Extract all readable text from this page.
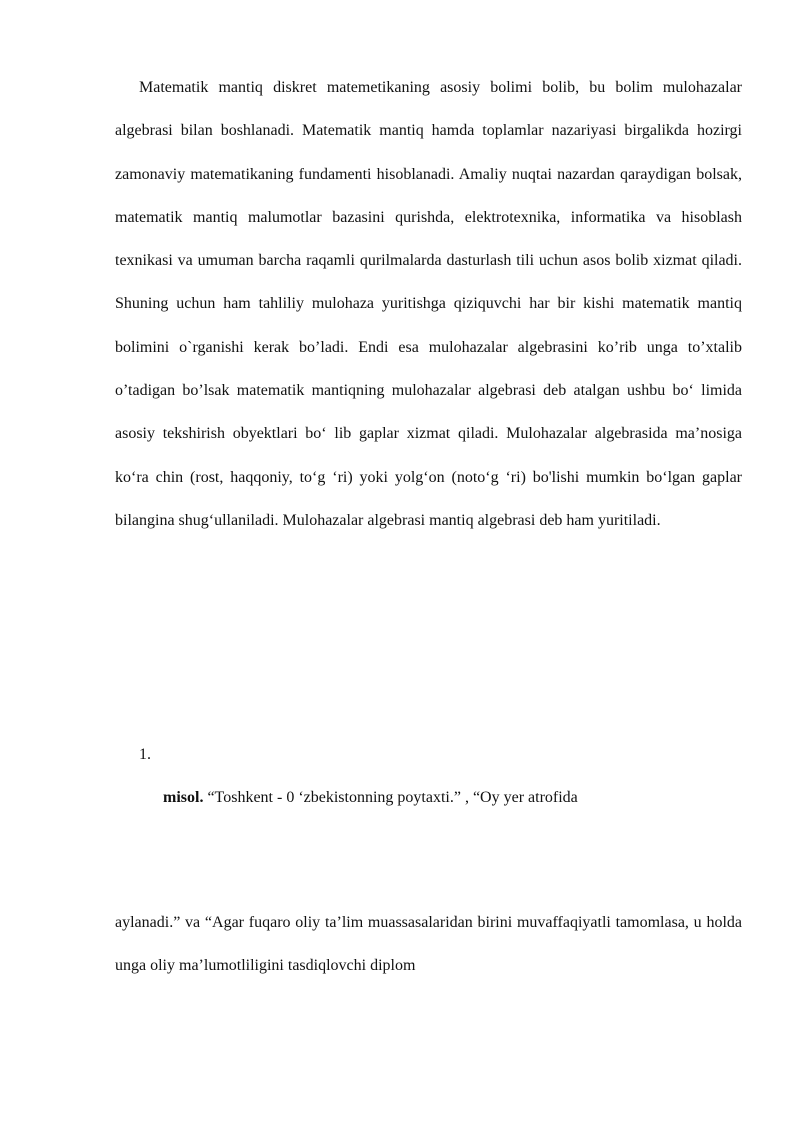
Matematik mantiq diskret matemetikaning asosiy bolimi bolib, bu bolim mulohazalar algebrasi bilan boshlanadi. Matematik mantiq hamda toplamlar nazariyasi birgalikda hozirgi zamonaviy matematikaning fundamenti hisoblanadi. Amaliy nuqtai nazardan qaraydigan bolsak, matematik mantiq malumotlar bazasini qurishda, elektrotexnika, informatika va hisoblash texnikasi va umuman barcha raqamli qurilmalarda dasturlash tili uchun asos bolib xizmat qiladi. Shuning uchun ham tahliliy mulohaza yuritishga qiziquvchi har bir kishi matematik mantiq bolimini o`rganishi kerak bo’ladi. Endi esa mulohazalar algebrasini ko’rib unga to’xtalib o’tadigan bo’lsak matematik mantiqning mulohazalar algebrasi deb atalgan ushbu bo‘ limida asosiy tekshirish obyektlari bo‘ lib gaplar xizmat qiladi. Mulohazalar algebrasida ma’nosiga ko‘ra chin (rost, haqqoniy, to‘g ‘ri) yoki yolg‘on (noto‘g ‘ri) bo'lishi mumkin bo‘lgan gaplar bilangina shug‘ullaniladi. Mulohazalar algebrasi mantiq algebrasi deb ham yuritiladi.

1.

misol. “Toshkent - 0 ‘zbekistonning poytaxti.” , “Oy yer atrofida

aylanadi.” va “Agar fuqaro oliy ta’lim muassasalaridan birini muvaffaqiyatli tamomlasa, u holda unga oliy ma’lumotliligini tasdiqlovchi diplom
